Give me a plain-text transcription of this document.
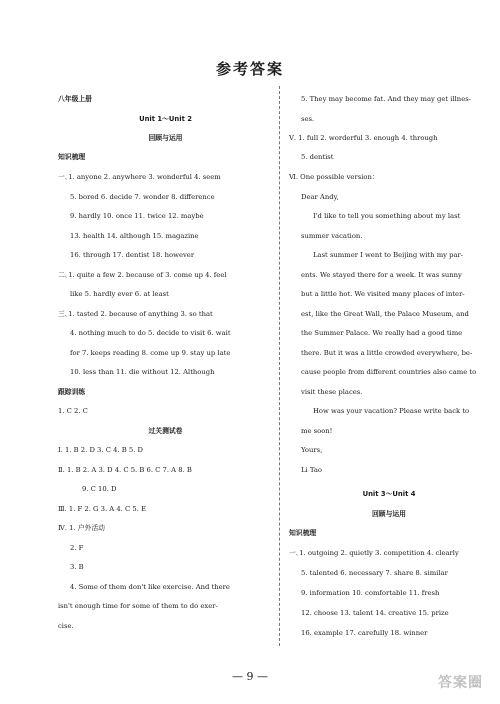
参考答案
八年级上册
Unit 1～Unit 2
回顾与运用
知识梳理
一､1. anyone 2. anywhere 3. wonderful 4. seem
5. bored 6. decide 7. wonder 8. difference
9. hardly 10. once 11. twice 12. maybe
13. health 14. although 15. magazine
16. through 17. dentist 18. however
二､1. quite a few 2. because of 3. come up 4. feel
like 5. hardly ever 6. at least
三､1. tasted 2. because of anything 3. so that
4. nothing much to do 5. decide to visit 6. wait
for 7. keeps reading 8. come up 9. stay up late
10. less than 11. die without 12. Although
跟踪训练
1. C 2. C
过关测试卷
Ⅰ. 1. B 2. D 3. C 4. B 5. D
Ⅱ. 1. B 2. A 3. D 4. C 5. B 6. C 7. A 8. B
9. C 10. D
Ⅲ. 1. F 2. G 3. A 4. C 5. E
Ⅳ. 1. 户外活动
2. F
3. B
4. Some of them don't like exercise. And there
isn't enough time for some of them to do exer-
cise.
5. They may become fat. And they may get illnes-
ses.
Ⅴ. 1. full 2. worderful 3. enough 4. through
5. dentist
Ⅵ. One possible version：
Dear Andy,
I'd like to tell you something about my last
summer vacation.
Last summer I went to Beijing with my par-
ents. We stayed there for a week. It was sunny
but a little hot. We visited many places of inter-
est, like the Great Wall, the Palace Museum, and
the Summer Palace. We really had a good time
there. But it was a little crowded everywhere, be-
cause people from different countries also came to
visit these places.
How was your vacation? Please write back to
me soon!
Yours,
Li Tao
Unit 3～Unit 4
回顾与运用
知识梳理
一､1. outgoing 2. quietly 3. competition 4. clearly
5. talented 6. necessary 7. share 8. similar
9. information 10. comfortable 11. fresh
12. choose 13. talent 14. creative 15. prize
16. example 17. carefully 18. winner
— 9 —	答案圈
